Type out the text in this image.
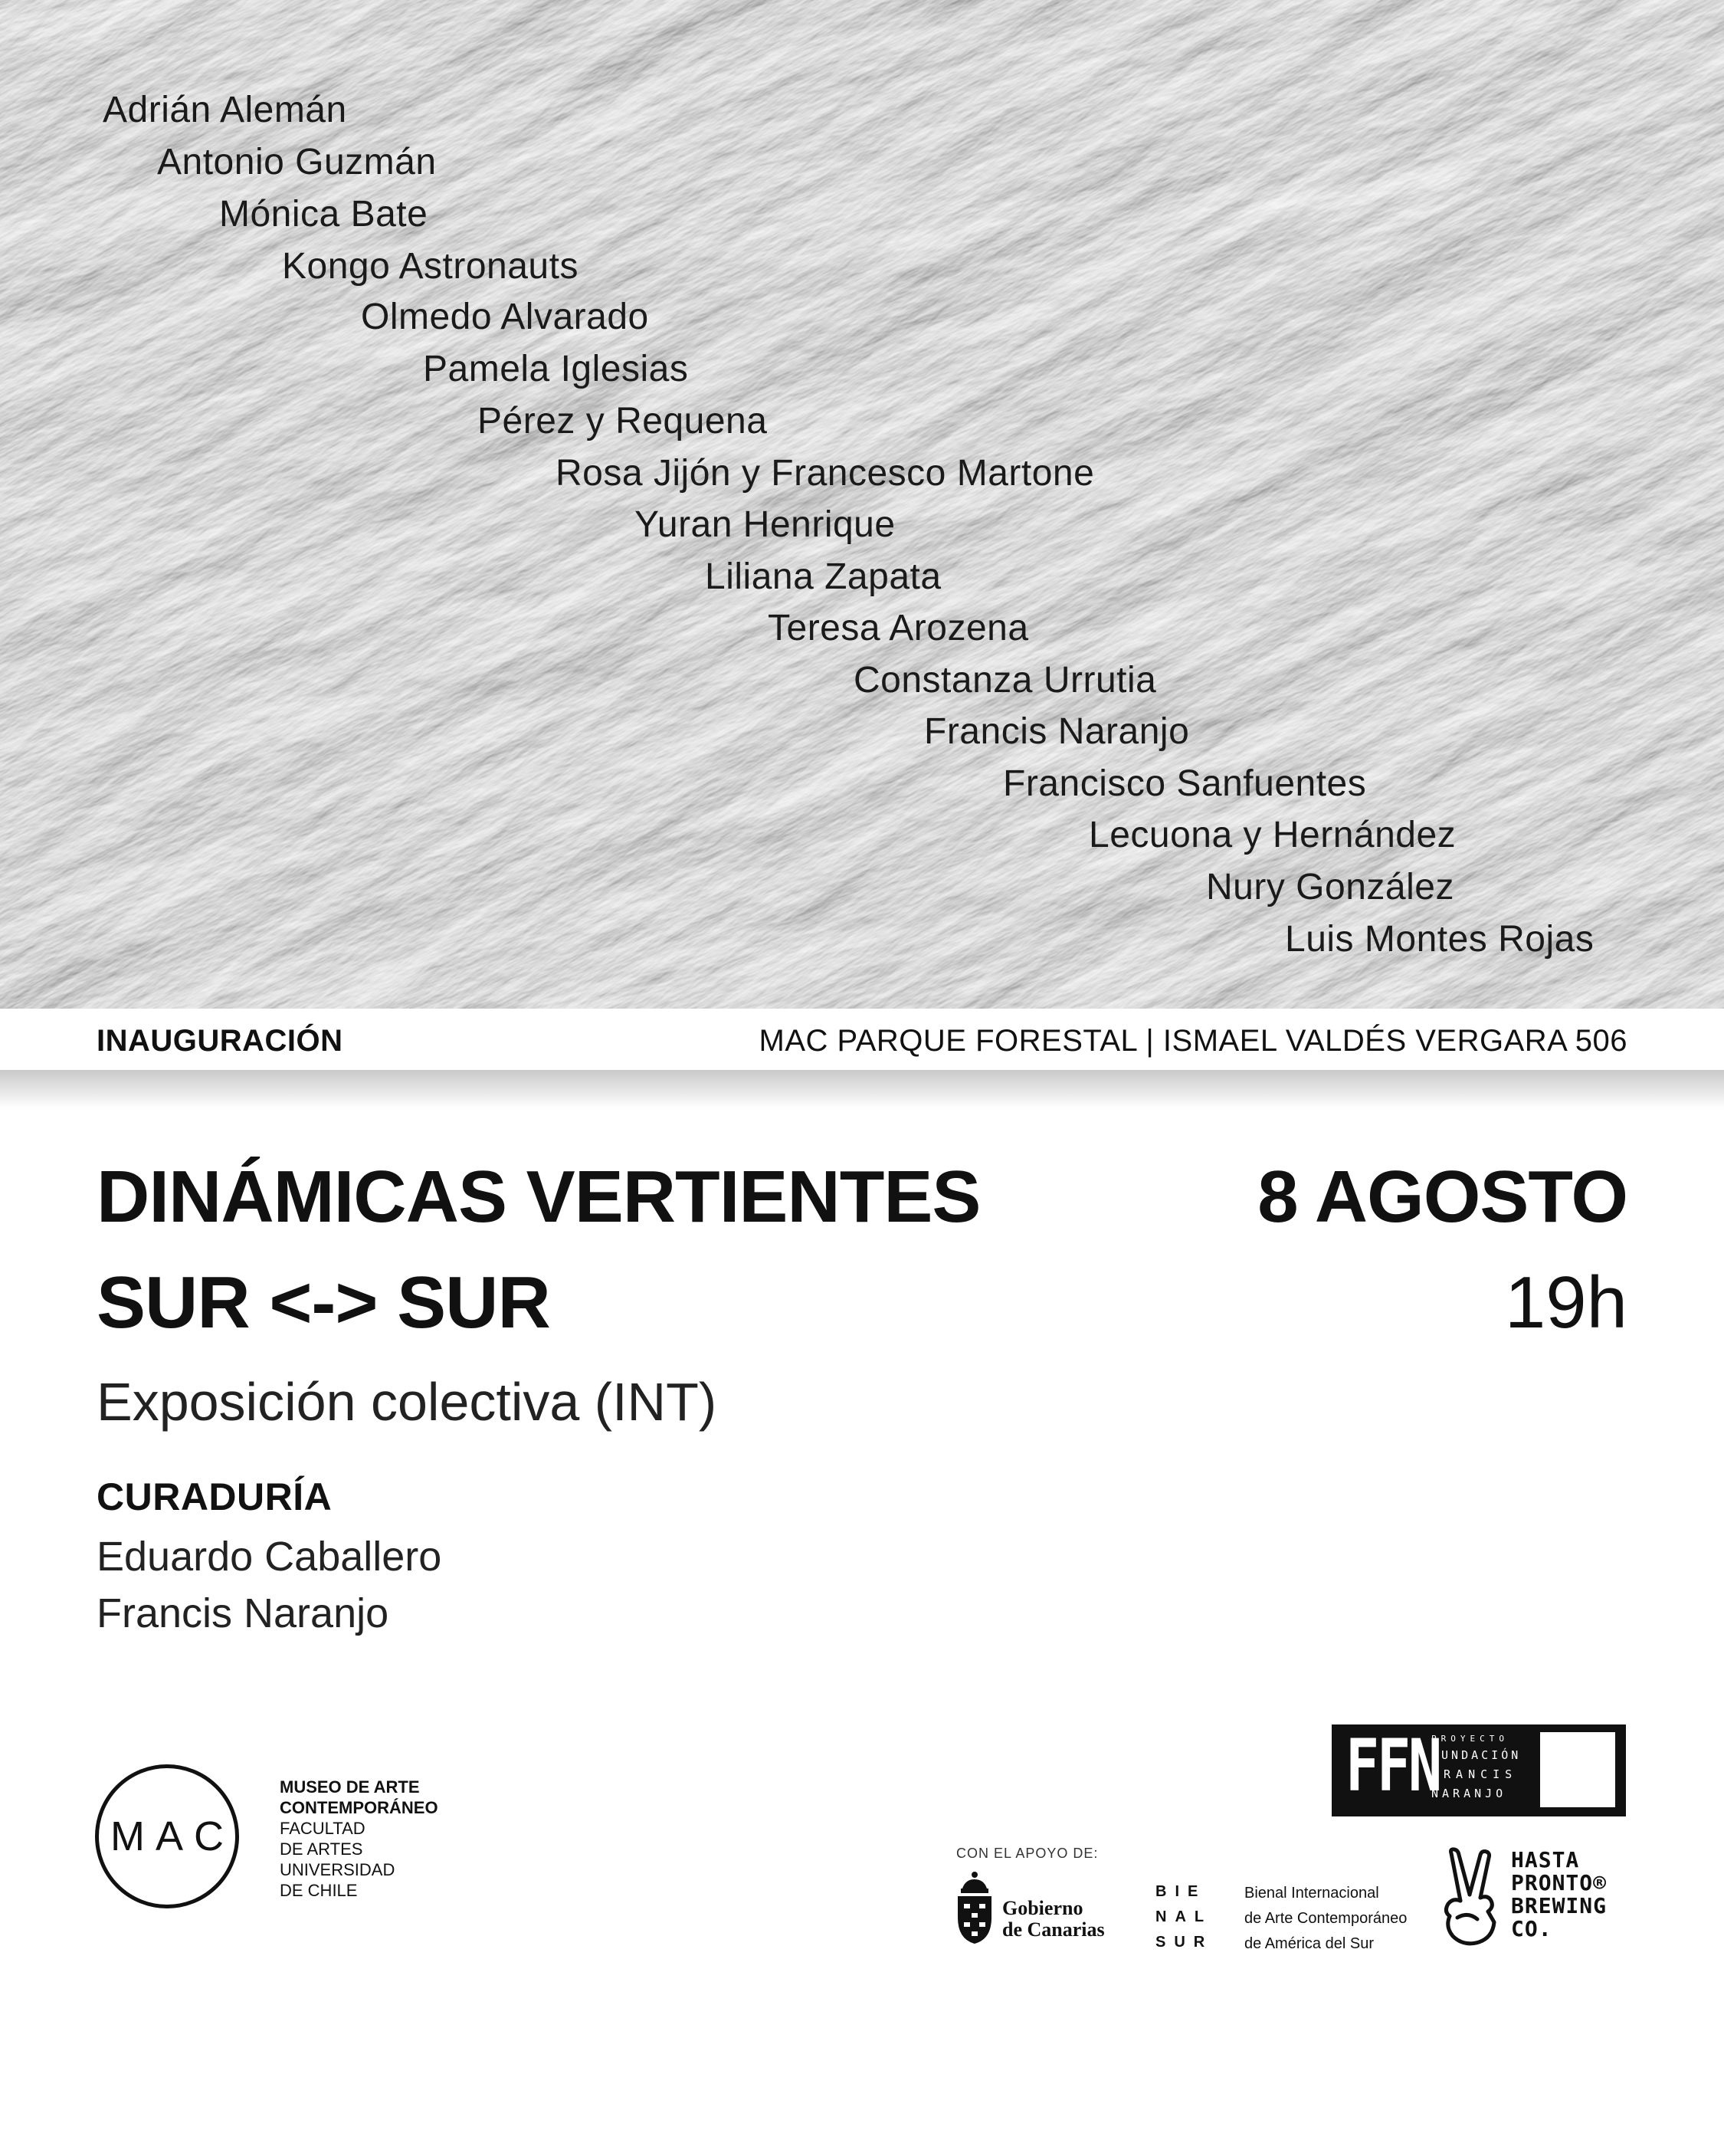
Adrián Alemán
Antonio Guzmán
Mónica Bate
Kongo Astronauts
Olmedo Alvarado
Pamela Iglesias
Pérez y Requena
Rosa Jijón y Francesco Martone
Yuran Henrique
Liliana Zapata
Teresa Arozena
Constanza Urrutia
Francis Naranjo
Francisco Sanfuentes
Lecuona y Hernández
Nury González
Luis Montes Rojas
INAUGURACIÓN	MAC PARQUE FORESTAL | ISMAEL VALDÉS VERGARA 506
DINÁMICAS VERTIENTES
SUR <-> SUR
8 AGOSTO
19h
Exposición colectiva (INT)
CURADURÍA
Eduardo Caballero
Francis Naranjo
MAC
MUSEO DE ARTE
CONTEMPORÁNEO
FACULTAD
DE ARTES
UNIVERSIDAD
DE CHILE
FFN
PROYECTO
FUNDACIÓN
FRANCIS
NARANJO
CON EL APOYO DE:
Gobierno
de Canarias
BIE
NAL
SUR
Bienal Internacional
de Arte Contemporáneo
de América del Sur
HASTA
PRONTO®
BREWING
CO.
